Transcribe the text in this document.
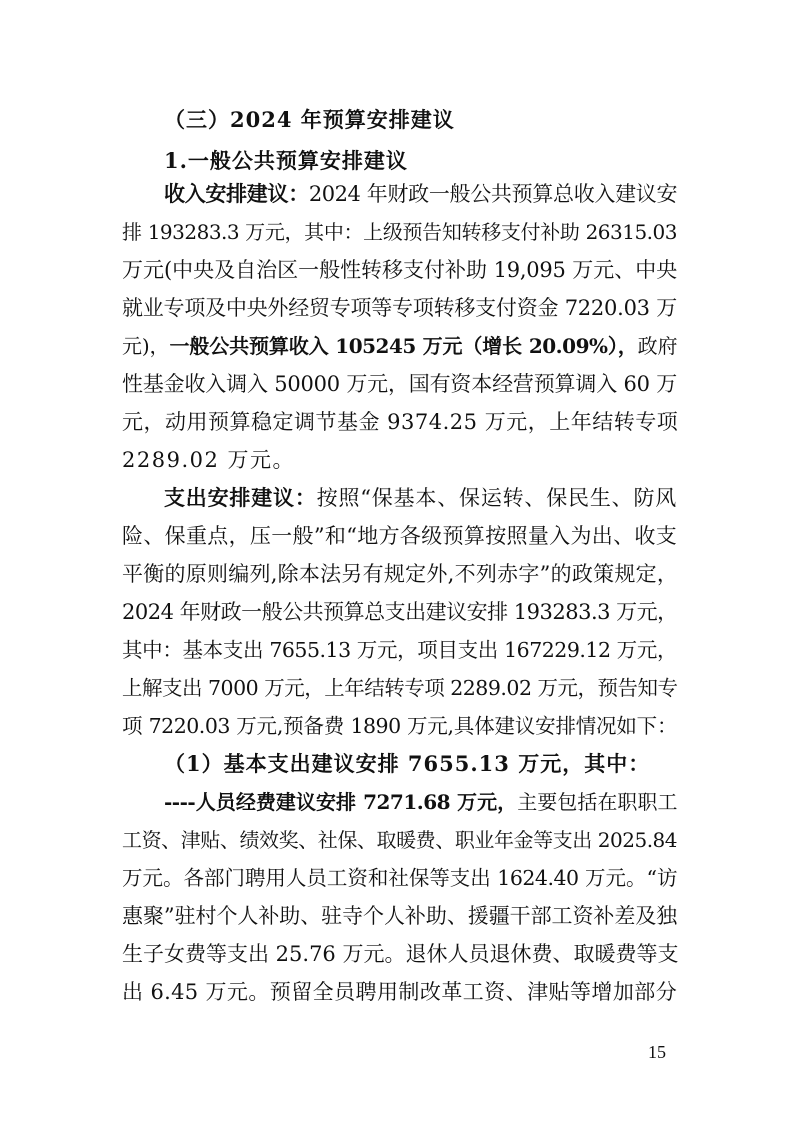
（三）2024 年预算安排建议
1.一般公共预算安排建议
收入安排建议：2024 年财政一般公共预算总收入建议安
排 193283.3 万元，其中：上级预告知转移支付补助 26315.03
万元(中央及自治区一般性转移支付补助 19,095 万元、中央
就业专项及中央外经贸专项等专项转移支付资金 7220.03 万
元)，一般公共预算收入 105245 万元（增长 20.09%），政府
性基金收入调入 50000 万元，国有资本经营预算调入 60 万
元，动用预算稳定调节基金 9374.25 万元，上年结转专项
2289.02 万元。
支出安排建议：按照“保基本、保运转、保民生、防风
险、保重点，压一般”和“地方各级预算按照量入为出、收支
平衡的原则编列,除本法另有规定外,不列赤字”的政策规定，
2024 年财政一般公共预算总支出建议安排 193283.3 万元，
其中：基本支出 7655.13 万元，项目支出 167229.12 万元，
上解支出 7000 万元，上年结转专项 2289.02 万元，预告知专
项 7220.03 万元,预备费 1890 万元,具体建议安排情况如下：
（1）基本支出建议安排 7655.13 万元，其中：
----人员经费建议安排 7271.68 万元，主要包括在职职工
工资、津贴、绩效奖、社保、取暖费、职业年金等支出 2025.84
万元。各部门聘用人员工资和社保等支出 1624.40 万元。“访
惠聚”驻村个人补助、驻寺个人补助、援疆干部工资补差及独
生子女费等支出 25.76 万元。退休人员退休费、取暖费等支
出 6.45 万元。预留全员聘用制改革工资、津贴等增加部分
15
